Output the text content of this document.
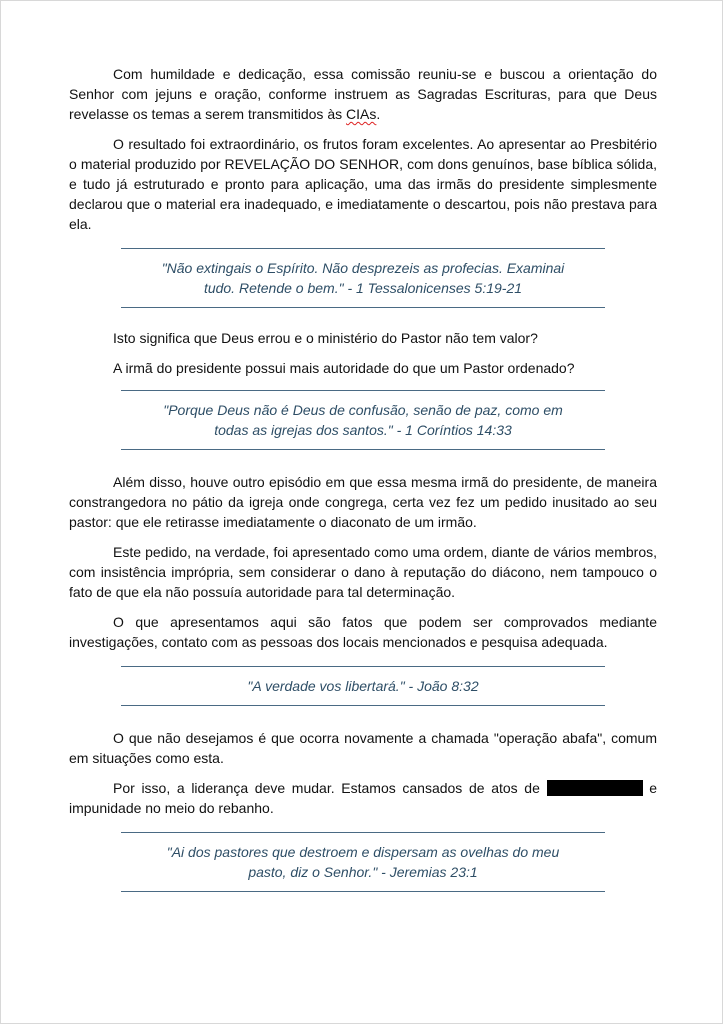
Com humildade e dedicação, essa comissão reuniu-se e buscou a orientação do Senhor com jejuns e oração, conforme instruem as Sagradas Escrituras, para que Deus revelasse os temas a serem transmitidos às CIAs.

O resultado foi extraordinário, os frutos foram excelentes. Ao apresentar ao Presbitério o material produzido por REVELAÇÃO DO SENHOR, com dons genuínos, base bíblica sólida, e tudo já estruturado e pronto para aplicação, uma das irmãs do presidente simplesmente declarou que o material era inadequado, e imediatamente o descartou, pois não prestava para ela.

"Não extingais o Espírito. Não desprezeis as profecias. Examinai
tudo. Retende o bem." - 1 Tessalonicenses 5:19-21

Isto significa que Deus errou e o ministério do Pastor não tem valor?

A irmã do presidente possui mais autoridade do que um Pastor ordenado?

"Porque Deus não é Deus de confusão, senão de paz, como em
todas as igrejas dos santos." - 1 Coríntios 14:33

Além disso, houve outro episódio em que essa mesma irmã do presidente, de maneira constrangedora no pátio da igreja onde congrega, certa vez fez um pedido inusitado ao seu pastor: que ele retirasse imediatamente o diaconato de um irmão.

Este pedido, na verdade, foi apresentado como uma ordem, diante de vários membros, com insistência imprópria, sem considerar o dano à reputação do diácono, nem tampouco o fato de que ela não possuía autoridade para tal determinação.

O que apresentamos aqui são fatos que podem ser comprovados mediante investigações, contato com as pessoas dos locais mencionados e pesquisa adequada.

"A verdade vos libertará." - João 8:32

O que não desejamos é que ocorra novamente a chamada "operação abafa", comum em situações como esta.

Por isso, a liderança deve mudar. Estamos cansados de atos de	e impunidade no meio do rebanho.

"Ai dos pastores que destroem e dispersam as ovelhas do meu
pasto, diz o Senhor." - Jeremias 23:1
